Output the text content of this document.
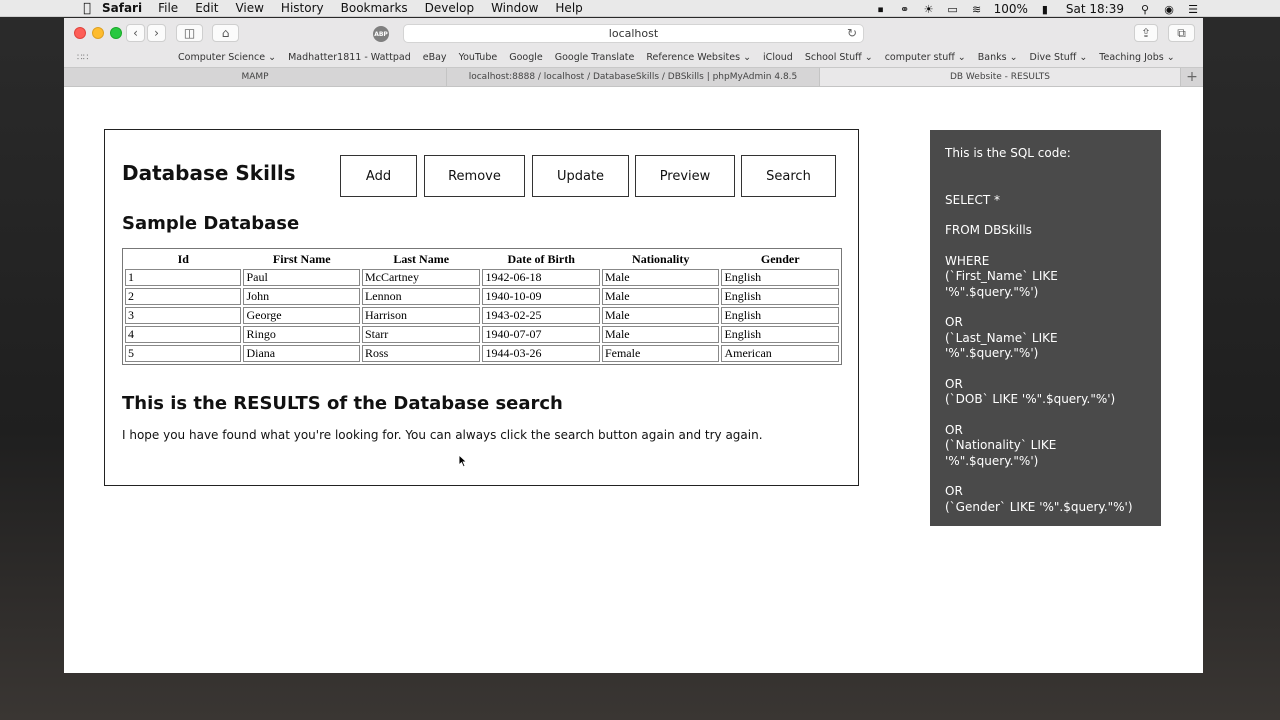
Safari File Edit View History Bookmarks Develop Window Help	⏹	⚭ ☀ ▭ ≋ 100%	▮	Sat 18:39 ⚲ ◉ ☰
‹	›	◫	⌂	ABP	localhost	↻	⇪	⧉
∷∷	Computer Science ⌄ Madhatter1811 - Wattpad eBay YouTube Google Google Translate Reference Websites ⌄ iCloud School Stuff ⌄ computer stuff ⌄ Banks ⌄ Dive Stuff ⌄ Teaching Jobs ⌄
MAMP	localhost:8888 / localhost / DatabaseSkills / DBSkills | phpMyAdmin 4.8.5	DB Website - RESULTS	+
Database Skills	Add	Remove	Update	Preview	Search
Sample Database
Id	First Name	Last Name	Date of Birth	Nationality	Gender
1	Paul	McCartney	1942-06-18	Male	English
2	John	Lennon	1940-10-09	Male	English
3	George	Harrison	1943-02-25	Male	English
4	Ringo	Starr	1940-07-07	Male	English
5	Diana	Ross	1944-03-26	Female	American
This is the RESULTS of the Database search
I hope you have found what you're looking for. You can always click the search button again and try again.
This is the SQL code:
SELECT *
FROM DBSkills
WHERE
(`First_Name` LIKE '%".$query."%')
OR
(`Last_Name` LIKE '%".$query."%')
OR
(`DOB` LIKE '%".$query."%')
OR
(`Nationality` LIKE '%".$query."%')
OR
(`Gender` LIKE '%".$query."%')
OR
(`id` LIKE '%".$query."%')
